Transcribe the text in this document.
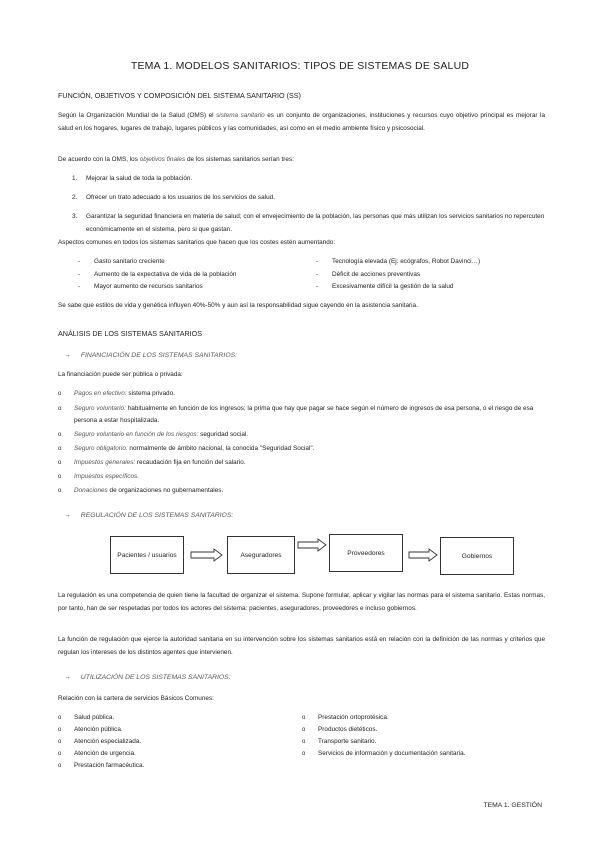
TEMA 1. MODELOS SANITARIOS: TIPOS DE SISTEMAS DE SALUD
FUNCIÓN, OBJETIVOS Y COMPOSICIÓN DEL SISTEMA SANITARIO (SS)
Según la Organización Mundial de la Salud (OMS) el sistema sanitario es un conjunto de organizaciones, instituciones y recursos cuyo objetivo principal es mejorar la salud en los hogares, lugares de trabajo, lugares públicos y las comunidades, así como en el medio ambiente físico y psicosocial.
De acuerdo con la OMS, los objetivos finales de los sistemas sanitarios serían tres:
1. Mejorar la salud de toda la población.
2. Ofrecer un trato adecuado a los usuarios de los servicios de salud.
3. Garantizar la seguridad financiera en materia de salud; con el envejecimiento de la población, las personas que más utilizan los servicios sanitarios no repercuten económicamente en el sistema, pero si que gastan.
Aspectos comunes en todos los sistemas sanitarios que hacen que los costes estén aumentando:
- Gasto sanitario creciente
- Aumento de la expectativa de vida de la población
- Mayor aumento de recursos sanitarios
- Tecnología elevada (Ej: ecógrafos, Robot Davinci…)
- Déficit de acciones preventivas
- Excesivamente difícil la gestión de la salud
Se sabe que estilos de vida y genética influyen 40%-50% y aun así la responsabilidad sigue cayendo en la asistencia sanitaria.
ANÁLISIS DE LOS SISTEMAS SANITARIOS
→ FINANCIACIÓN DE LOS SISTEMAS SANITARIOS:
La financiación puede ser pública o privada:
o Pagos en efectivo: sistema privado.
o Seguro voluntario: habitualmente en función de los ingresos; la prima que hay que pagar se hace según el número de ingresos de esa persona, o el riesgo de esa persona a estar hospitalizada.
o Seguro voluntario en función de los riesgos: seguridad social.
o Seguro obligatorio: normalmente de ámbito nacional, la conocida "Seguridad Social".
o Impuestos generales: recaudación fija en función del salario.
o Impuestos específicos.
o Donaciones de organizaciones no gubernamentales.
→ REGULACIÓN DE LOS SISTEMAS SANITARIOS:
Pacientes / usuarios	Aseguradores	Proveedores	Gobiernos
La regulación es una competencia de quien tiene la facultad de organizar el sistema. Supone formular, aplicar y vigilar las normas para el sistema sanitario. Estas normas, por tanto, han de ser respetadas por todos los actores del sistema: pacientes, aseguradores, proveedores e incluso gobiernos.
La función de regulación que ejerce la autoridad sanitaria en su intervención sobre los sistemas sanitarios está en relación con la definición de las normas y criterios que regulan los intereses de los distintos agentes que intervienen.
→ UTILIZACIÓN DE LOS SISTEMAS SANITARIOS:
Relación con la cartera de servicios Básicos Comunes:
o Salud pública.
o Atención pública.
o Atención especializada.
o Atención de urgencia.
o Prestación farmacéutica.
o Prestación ortoprotésica.
o Productos dietéticos.
o Transporte sanitario.
o Servicios de información y documentación sanitaria.
TEMA 1. GESTIÓN
